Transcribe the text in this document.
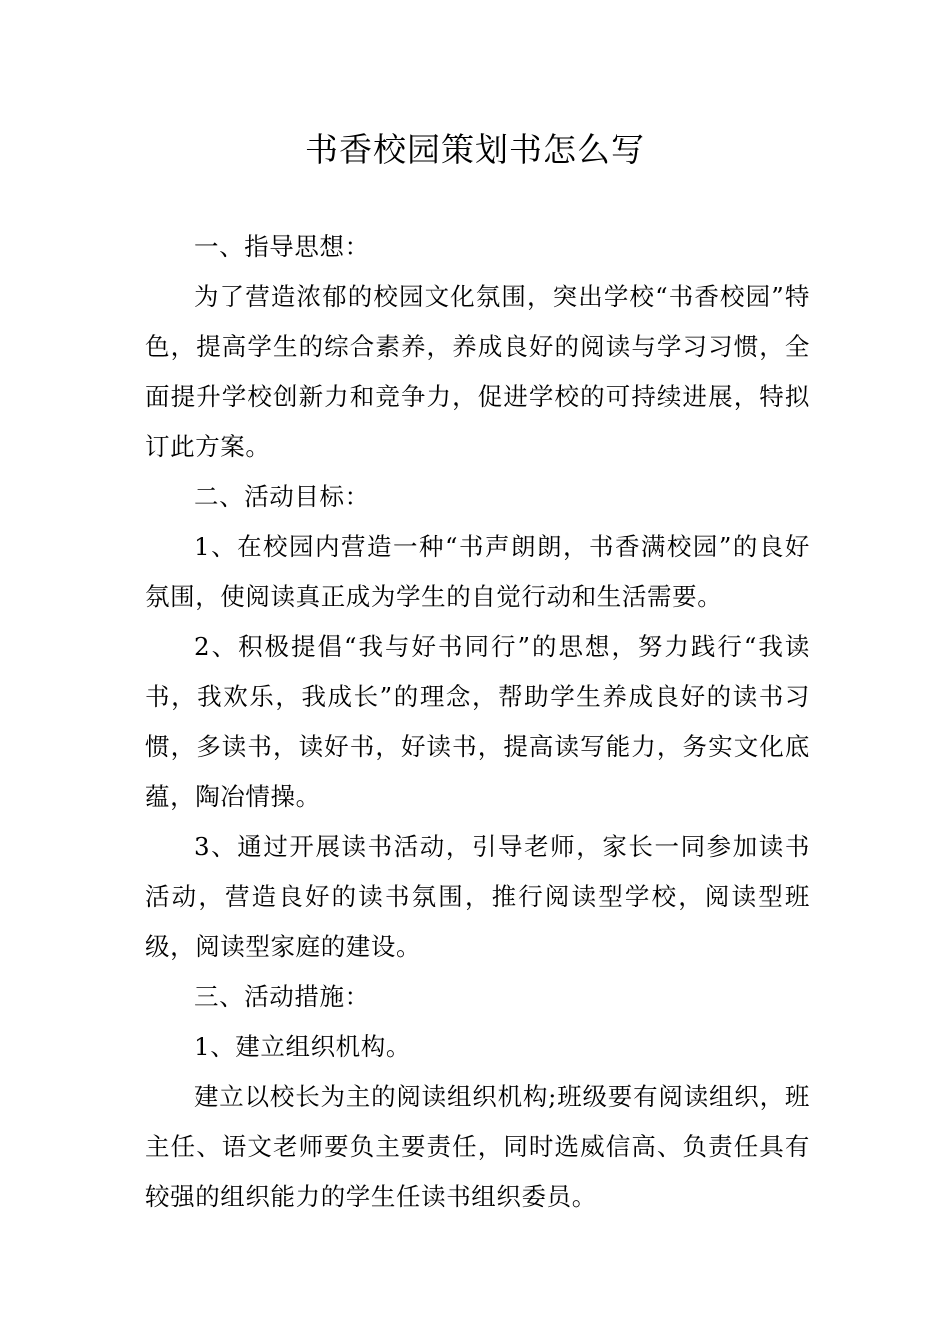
书香校园策划书怎么写

一、指导思想：

为了营造浓郁的校园文化氛围，突出学校“书香校园”特色，提高学生的综合素养，养成良好的阅读与学习习惯，全面提升学校创新力和竞争力，促进学校的可持续进展，特拟订此方案。

二、活动目标：

1、在校园内营造一种“书声朗朗，书香满校园”的良好氛围，使阅读真正成为学生的自觉行动和生活需要。

2、积极提倡“我与好书同行”的思想，努力践行“我读书，我欢乐，我成长”的理念，帮助学生养成良好的读书习惯，多读书，读好书，好读书，提高读写能力，务实文化底蕴，陶冶情操。

3、通过开展读书活动，引导老师，家长一同参加读书活动，营造良好的读书氛围，推行阅读型学校，阅读型班级，阅读型家庭的建设。

三、活动措施：

1、建立组织机构。

建立以校长为主的阅读组织机构;班级要有阅读组织，班主任、语文老师要负主要责任，同时选威信高、负责任具有较强的组织能力的学生任读书组织委员。
